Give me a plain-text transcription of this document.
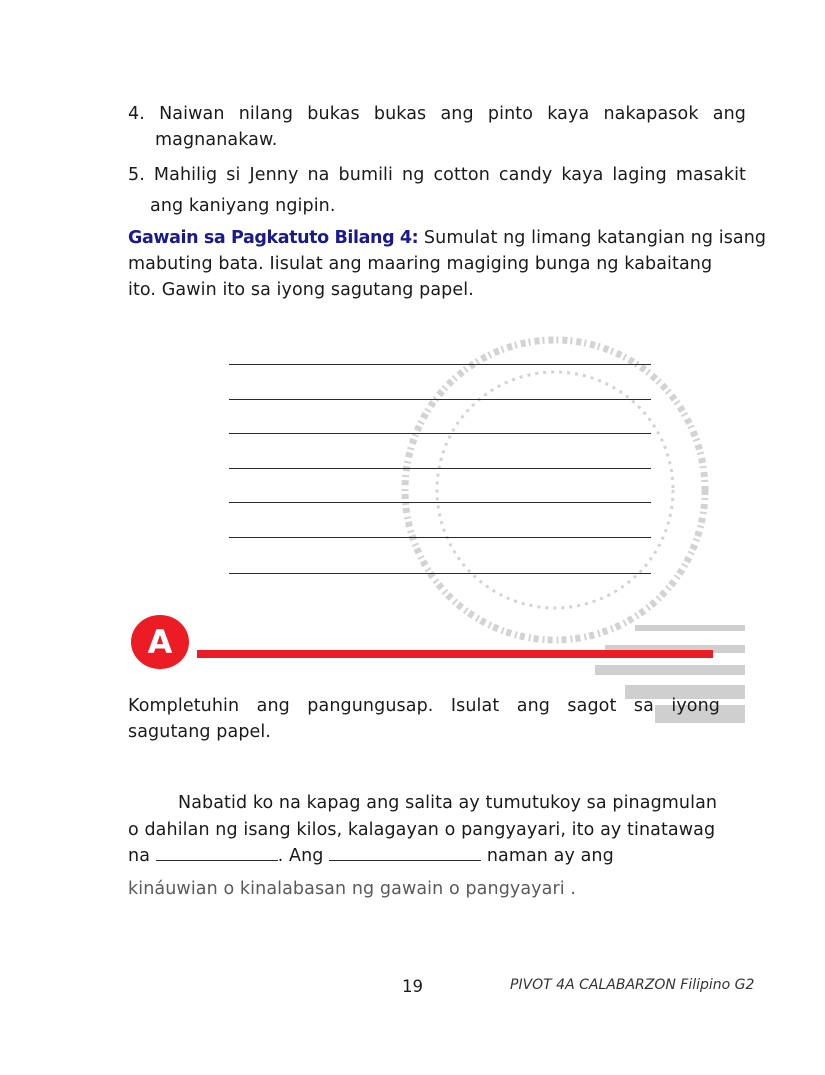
4. Naiwan nilang bukas bukas ang pinto kaya nakapasok ang
magnanakaw.
5. Mahilig si Jenny na bumili ng cotton candy kaya laging masakit
ang kaniyang ngipin.
Gawain sa Pagkatuto Bilang 4: Sumulat ng limang katangian ng isang
mabuting bata. Iisulat ang maaring magiging bunga ng kabaitang
ito. Gawin ito sa iyong sagutang papel.
A
Kompletuhin ang pangungusap. Isulat ang sagot sa iyong
sagutang papel.
Nabatid ko na kapag ang salita ay tumutukoy sa pinagmulan
o dahilan ng isang kilos, kalagayan o pangyayari, ito ay tinatawag
na	. Ang	naman ay ang
kináuwian o kinalabasan ng gawain o pangyayari .
19	PIVOT 4A CALABARZON Filipino G2
